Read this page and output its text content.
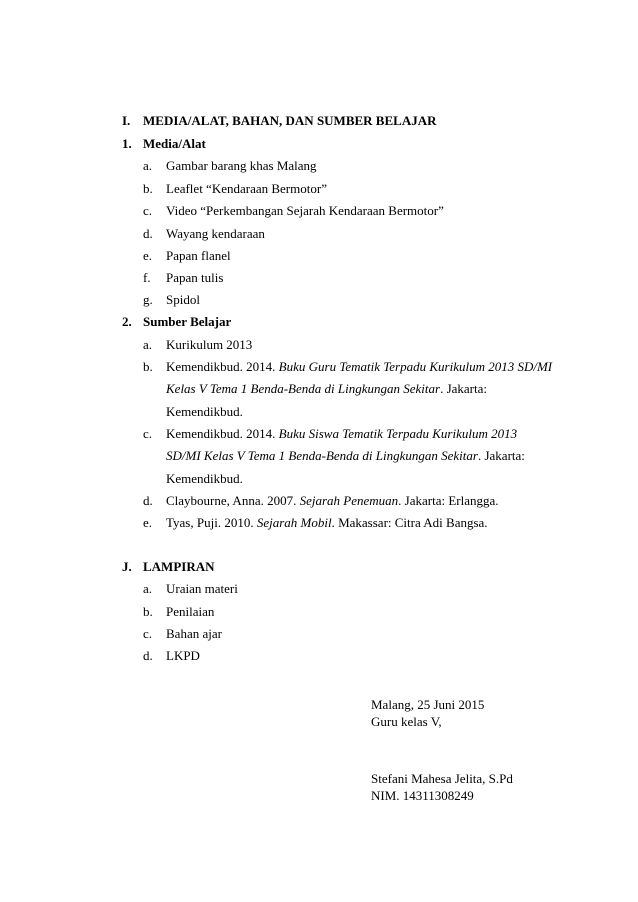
I. MEDIA/ALAT, BAHAN, DAN SUMBER BELAJAR
1. Media/Alat
a. Gambar barang khas Malang
b. Leaflet “Kendaraan Bermotor”
c. Video “Perkembangan Sejarah Kendaraan Bermotor”
d. Wayang kendaraan
e. Papan flanel
f. Papan tulis
g. Spidol
2. Sumber Belajar
a. Kurikulum 2013
b. Kemendikbud. 2014. Buku Guru Tematik Terpadu Kurikulum 2013 SD/MI
Kelas V Tema 1 Benda-Benda di Lingkungan Sekitar. Jakarta:
Kemendikbud.
c. Kemendikbud. 2014. Buku Siswa Tematik Terpadu Kurikulum 2013
SD/MI Kelas V Tema 1 Benda-Benda di Lingkungan Sekitar. Jakarta:
Kemendikbud.
d. Claybourne, Anna. 2007. Sejarah Penemuan. Jakarta: Erlangga.
e. Tyas, Puji. 2010. Sejarah Mobil. Makassar: Citra Adi Bangsa.
J. LAMPIRAN
a. Uraian materi
b. Penilaian
c. Bahan ajar
d. LKPD
Malang, 25 Juni 2015
Guru kelas V,
Stefani Mahesa Jelita, S.Pd
NIM. 14311308249
